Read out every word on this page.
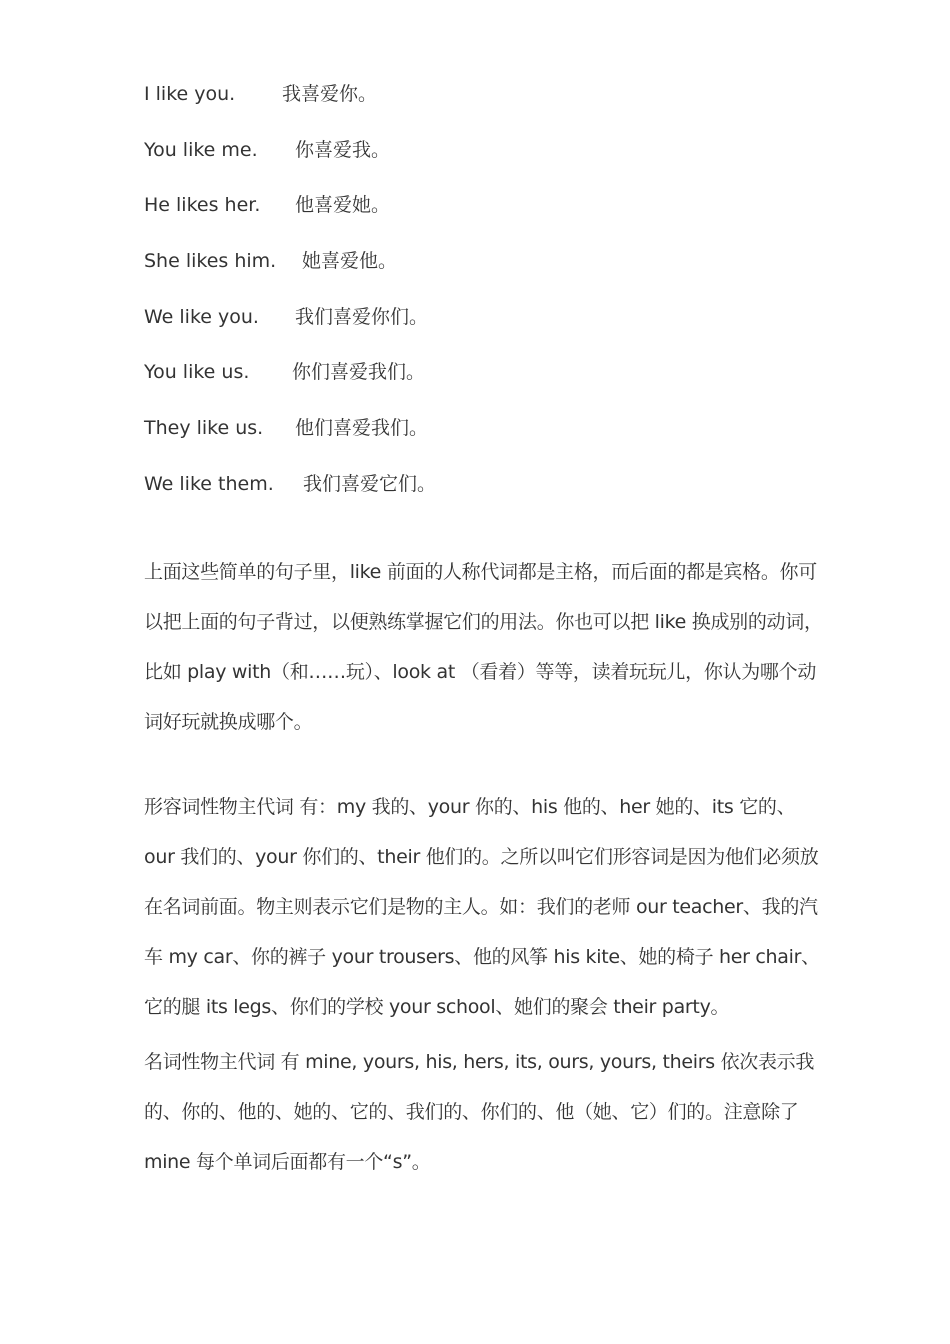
I like you. 我喜爱你。
You like me. 你喜爱我。
He likes her. 他喜爱她。
She likes him. 她喜爱他。
We like you. 我们喜爱你们。
You like us. 你们喜爱我们。
They like us. 他们喜爱我们。
We like them. 我们喜爱它们。

上面这些简单的句子里，like 前面的人称代词都是主格，而后面的都是宾格。你可以把上面的句子背过，以便熟练掌握它们的用法。你也可以把 like 换成别的动词，比如 play with（和……玩）、look at （看着）等等，读着玩玩儿，你认为哪个动词好玩就换成哪个。

形容词性物主代词 有：my 我的、your 你的、his 他的、her 她的、its 它的、our 我们的、your 你们的、their 他们的。之所以叫它们形容词是因为他们必须放在名词前面。物主则表示它们是物的主人。如：我们的老师 our teacher、我的汽车 my car、你的裤子 your trousers、他的风筝 his kite、她的椅子 her chair、它的腿 its legs、你们的学校 your school、她们的聚会 their party。

名词性物主代词 有 mine, yours, his, hers, its, ours, yours, theirs 依次表示我的、你的、他的、她的、它的、我们的、你们的、他（她、它）们的。注意除了 mine 每个单词后面都有一个“s”。
